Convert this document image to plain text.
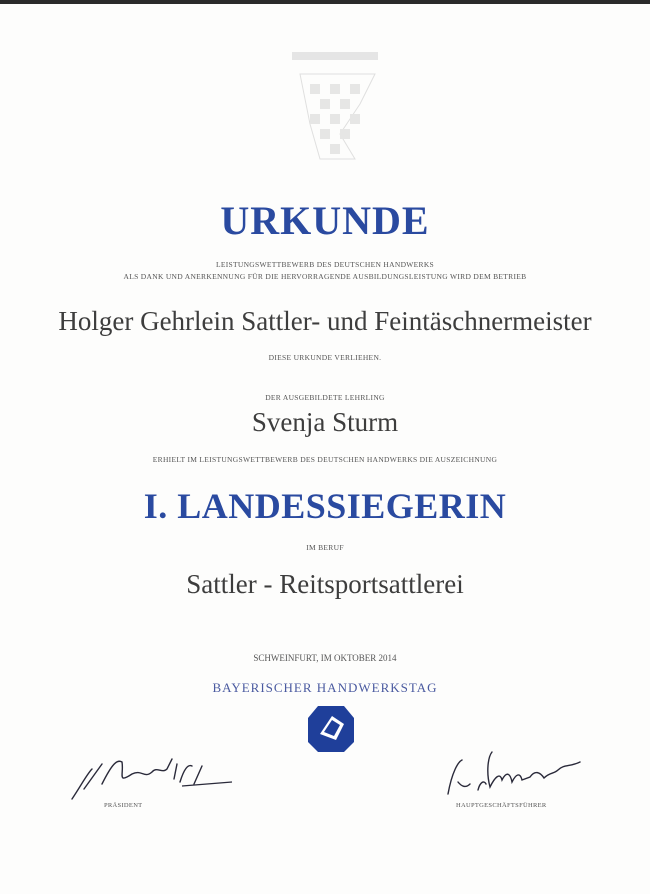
URKUNDE
LEISTUNGSWETTBEWERB DES DEUTSCHEN HANDWERKS
ALS DANK UND ANERKENNUNG FÜR DIE HERVORRAGENDE AUSBILDUNGSLEISTUNG WIRD DEM BETRIEB
Holger Gehrlein Sattler- und Feintäschnermeister
DIESE URKUNDE VERLIEHEN.
DER AUSGEBILDETE LEHRLING
Svenja Sturm
ERHIELT IM LEISTUNGSWETTBEWERB DES DEUTSCHEN HANDWERKS DIE AUSZEICHNUNG
I. LANDESSIEGERIN
IM BERUF
Sattler - Reitsportsattlerei
SCHWEINFURT, IM OKTOBER 2014
BAYERISCHER HANDWERKSTAG
PRÄSIDENT	HAUPTGESCHÄFTSFÜHRER
